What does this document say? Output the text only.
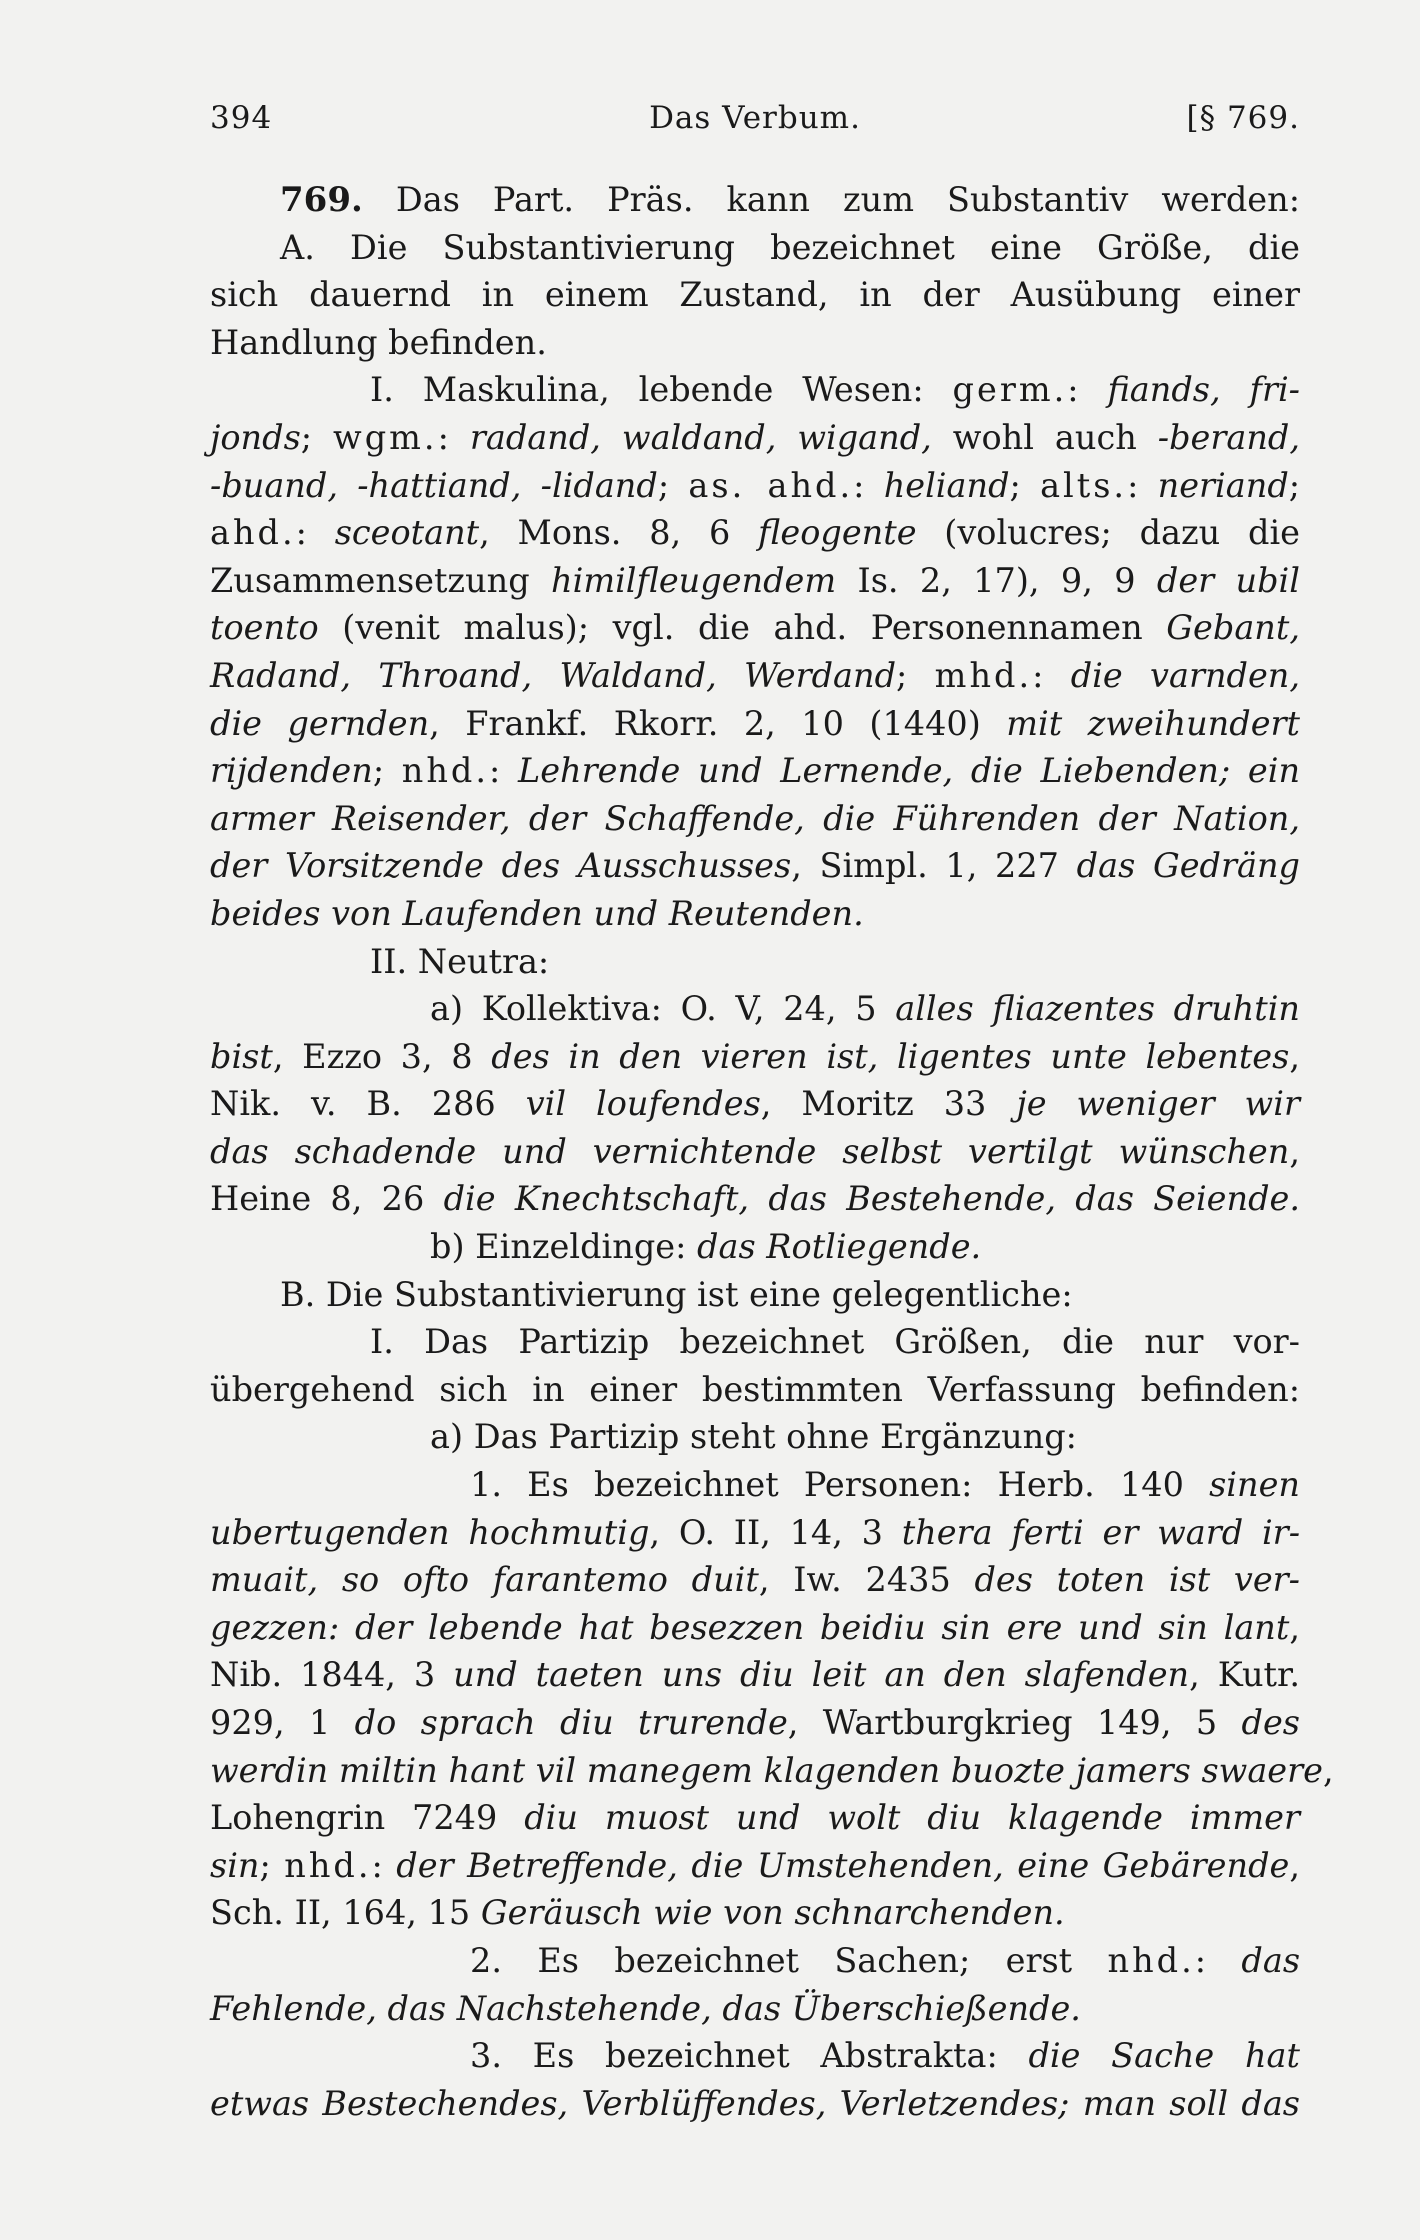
394	Das Verbum.	[§ 769.
769. Das Part. Präs. kann zum Substantiv werden:
A. Die Substantivierung bezeichnet eine Größe, die
sich dauernd in einem Zustand, in der Ausübung einer
Handlung befinden.
I. Maskulina, lebende Wesen: germ.: fiands, fri-
jonds; wgm.: radand, waldand, wigand, wohl auch -berand,
-buand, -hattiand, -lidand; as. ahd.: heliand; alts.: neriand;
ahd.: sceotant, Mons. 8, 6 fleogente (volucres; dazu die
Zusammensetzung himilfleugendem Is. 2, 17), 9, 9 der ubil
toento (venit malus); vgl. die ahd. Personennamen Gebant,
Radand, Throand, Waldand, Werdand; mhd.: die varnden,
die gernden, Frankf. Rkorr. 2, 10 (1440) mit zweihundert
rijdenden; nhd.: Lehrende und Lernende, die Liebenden; ein
armer Reisender, der Schaffende, die Führenden der Nation,
der Vorsitzende des Ausschusses, Simpl. 1, 227 das Gedräng
beides von Laufenden und Reutenden.
II. Neutra:
a) Kollektiva: O. V, 24, 5 alles fliazentes druhtin
bist, Ezzo 3, 8 des in den vieren ist, ligentes unte lebentes,
Nik. v. B. 286 vil loufendes, Moritz 33 je weniger wir
das schadende und vernichtende selbst vertilgt wünschen,
Heine 8, 26 die Knechtschaft, das Bestehende, das Seiende.
b) Einzeldinge: das Rotliegende.
B. Die Substantivierung ist eine gelegentliche:
I. Das Partizip bezeichnet Größen, die nur vor-
übergehend sich in einer bestimmten Verfassung befinden:
a) Das Partizip steht ohne Ergänzung:
1. Es bezeichnet Personen: Herb. 140 sinen
ubertugenden hochmutig, O. II, 14, 3 thera ferti er ward ir-
muait, so ofto farantemo duit, Iw. 2435 des toten ist ver-
gezzen: der lebende hat besezzen beidiu sin ere und sin lant,
Nib. 1844, 3 und taeten uns diu leit an den slafenden, Kutr.
929, 1 do sprach diu trurende, Wartburgkrieg 149, 5 des
werdin miltin hant vil manegem klagenden buozte jamers swaere,
Lohengrin 7249 diu muost und wolt diu klagende immer
sin; nhd.: der Betreffende, die Umstehenden, eine Gebärende,
Sch. II, 164, 15 Geräusch wie von schnarchenden.
2. Es bezeichnet Sachen; erst nhd.: das
Fehlende, das Nachstehende, das Überschießende.
3. Es bezeichnet Abstrakta: die Sache hat
etwas Bestechendes, Verblüffendes, Verletzendes; man soll das
